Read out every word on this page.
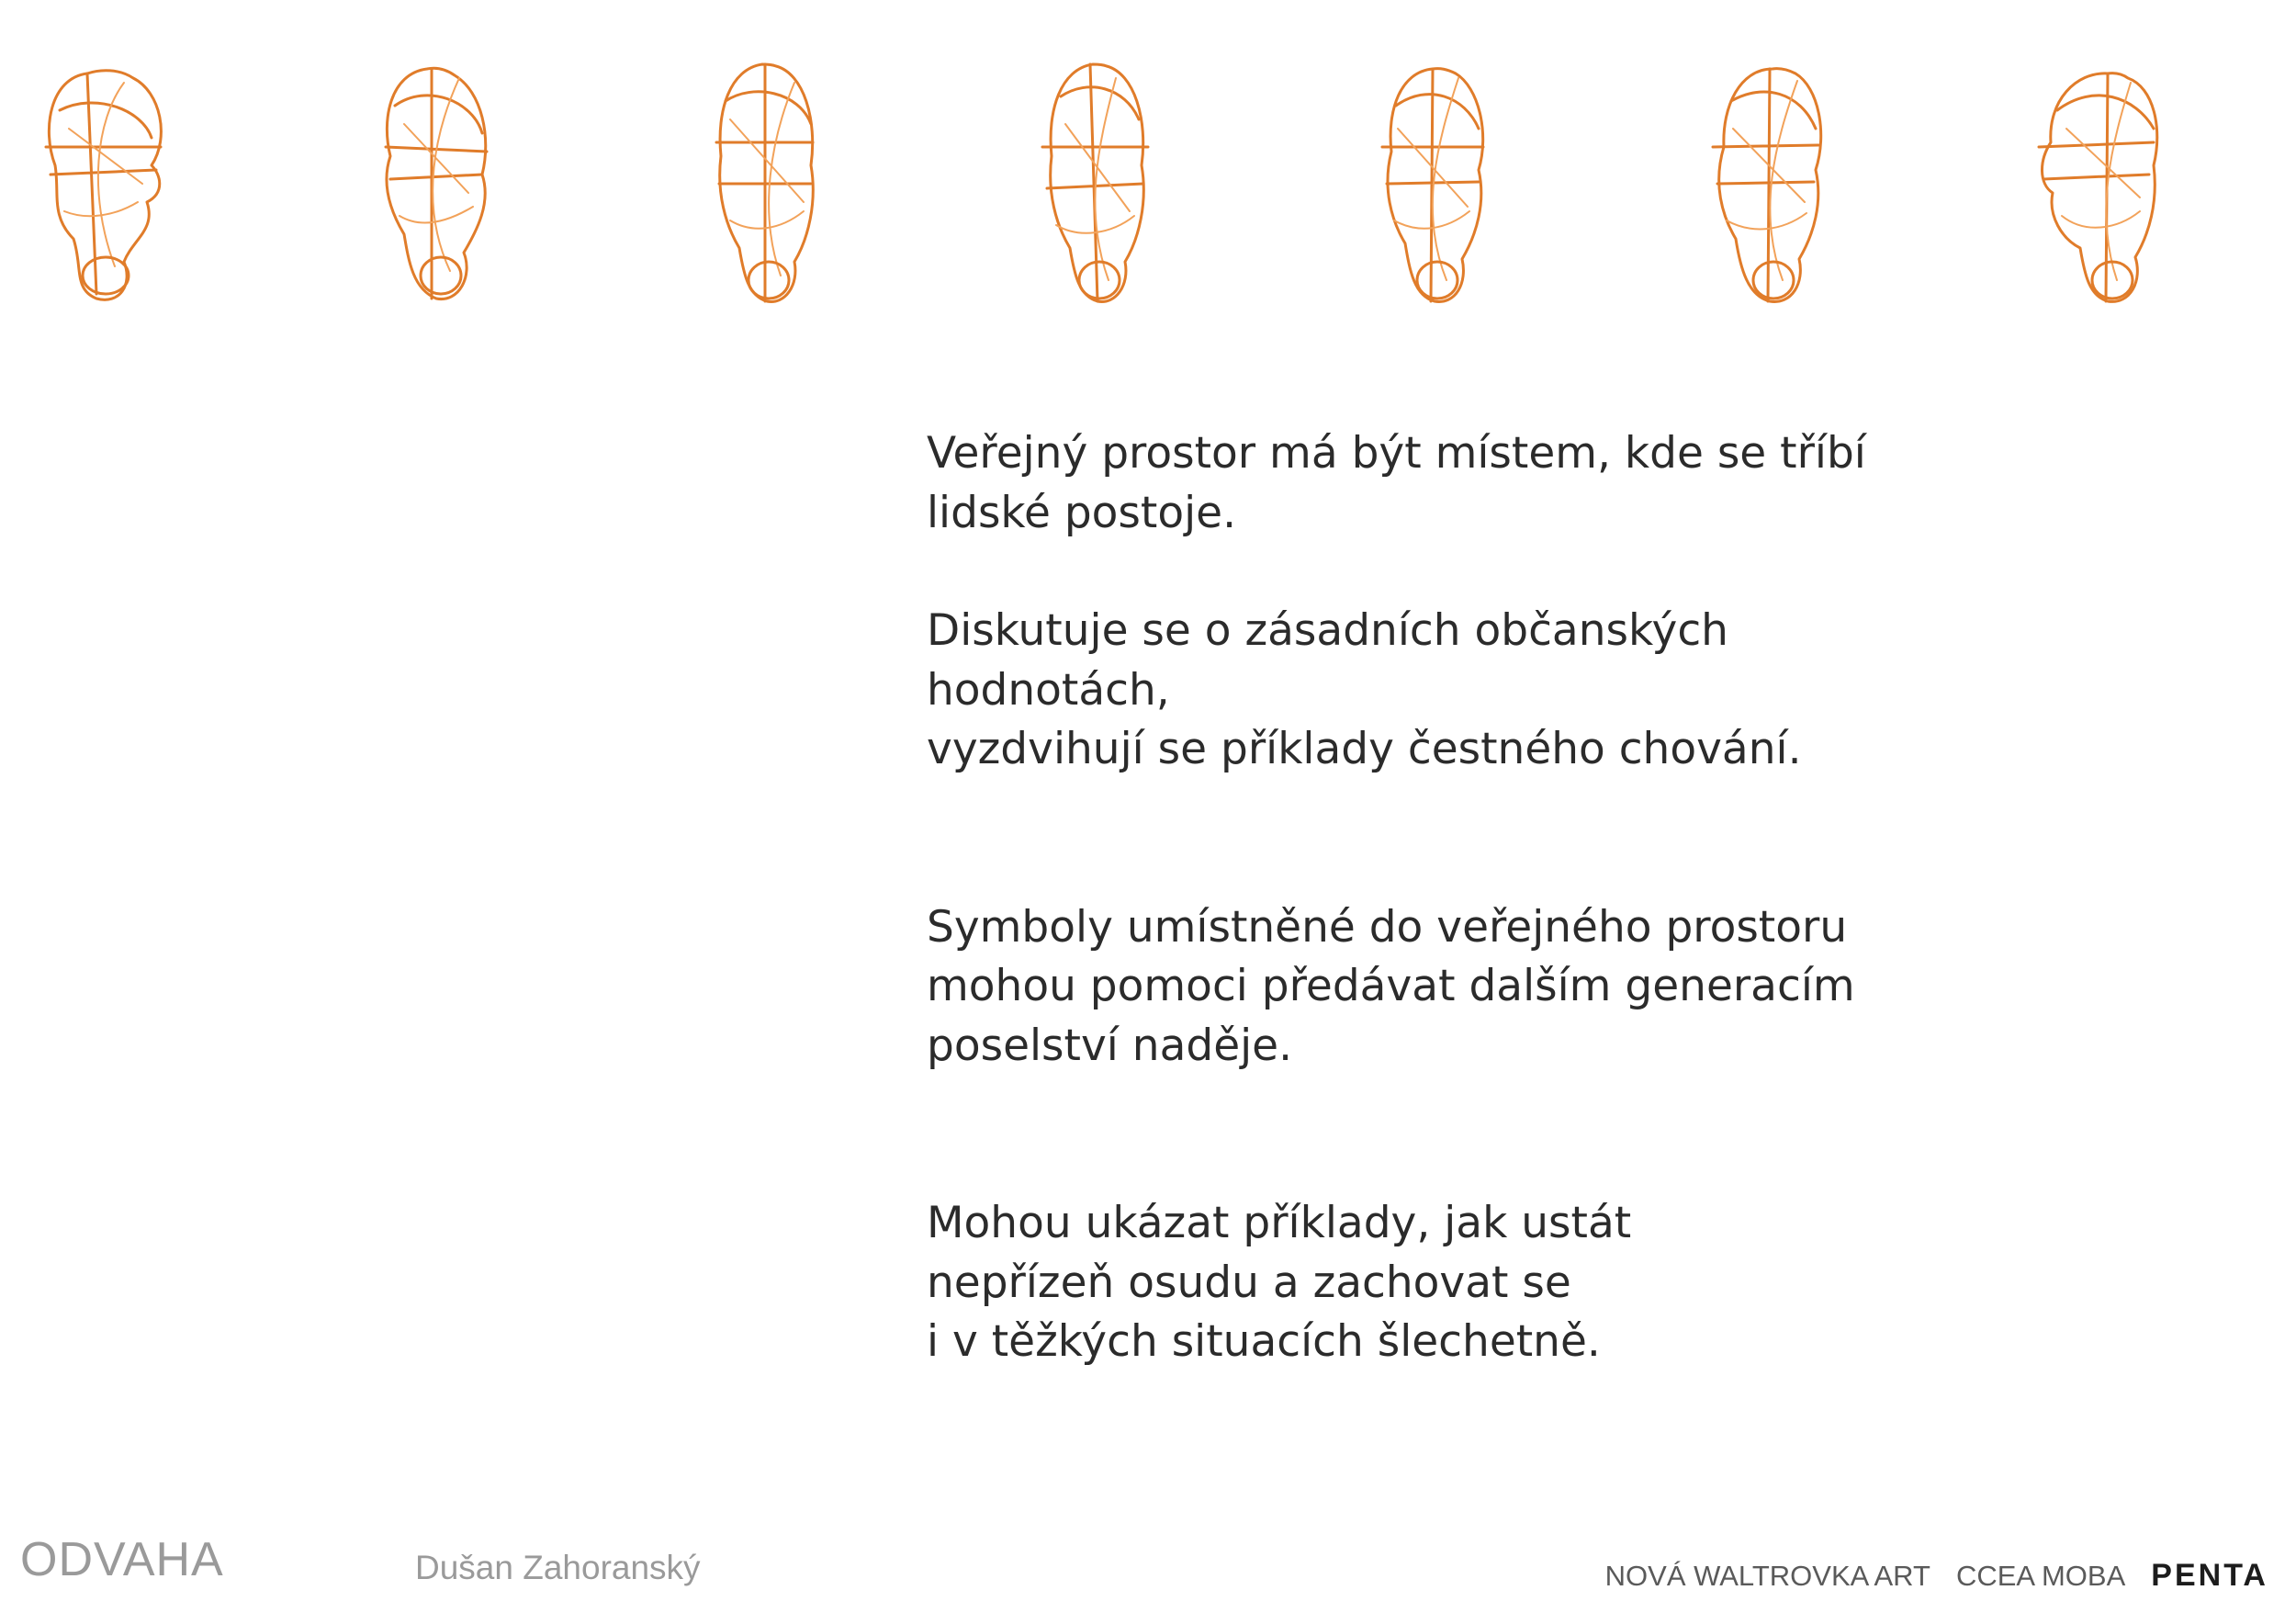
Veřejný prostor má být místem, kde se tříbí
lidské postoje.

Diskutuje se o zásadních občanských
hodnotách,
vyzdvihují se příklady čestného chování.

Symboly umístněné do veřejného prostoru
mohou pomoci předávat dalším generacím
poselství naděje.

Mohou ukázat příklady, jak ustát
nepřízeň osudu a zachovat se
i v těžkých situacích šlechetně.

ODVAHA	Dušan Zahoranský	NOVÁ WALTROVKA ART CCEA MOBA PENTA
